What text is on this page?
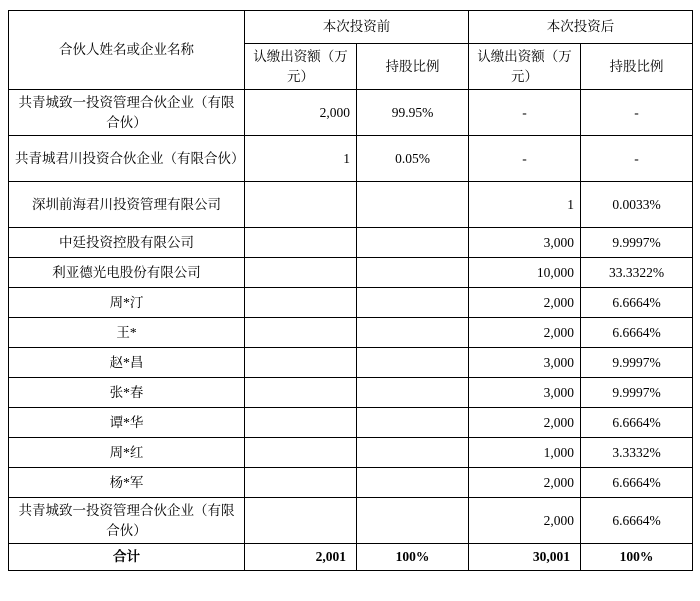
合伙人姓名或企业名称	本次投资前		本次投资后	
	认缴出资额（万元）	持股比例	认缴出资额（万元）	持股比例
共青城致一投资管理合伙企业（有限合伙）	2,000	99.95%	-	-
共青城君川投资合伙企业（有限合伙）	1	0.05%	-	-
深圳前海君川投资管理有限公司			1	0.0033%
中廷投资控股有限公司			3,000	9.9997%
利亚德光电股份有限公司			10,000	33.3322%
周*汀			2,000	6.6664%
王*			2,000	6.6664%
赵*昌			3,000	9.9997%
张*春			3,000	9.9997%
谭*华			2,000	6.6664%
周*红			1,000	3.3332%
杨*军			2,000	6.6664%
共青城致一投资管理合伙企业（有限合伙）			2,000	6.6664%
合计	2,001	100%	30,001	100%
